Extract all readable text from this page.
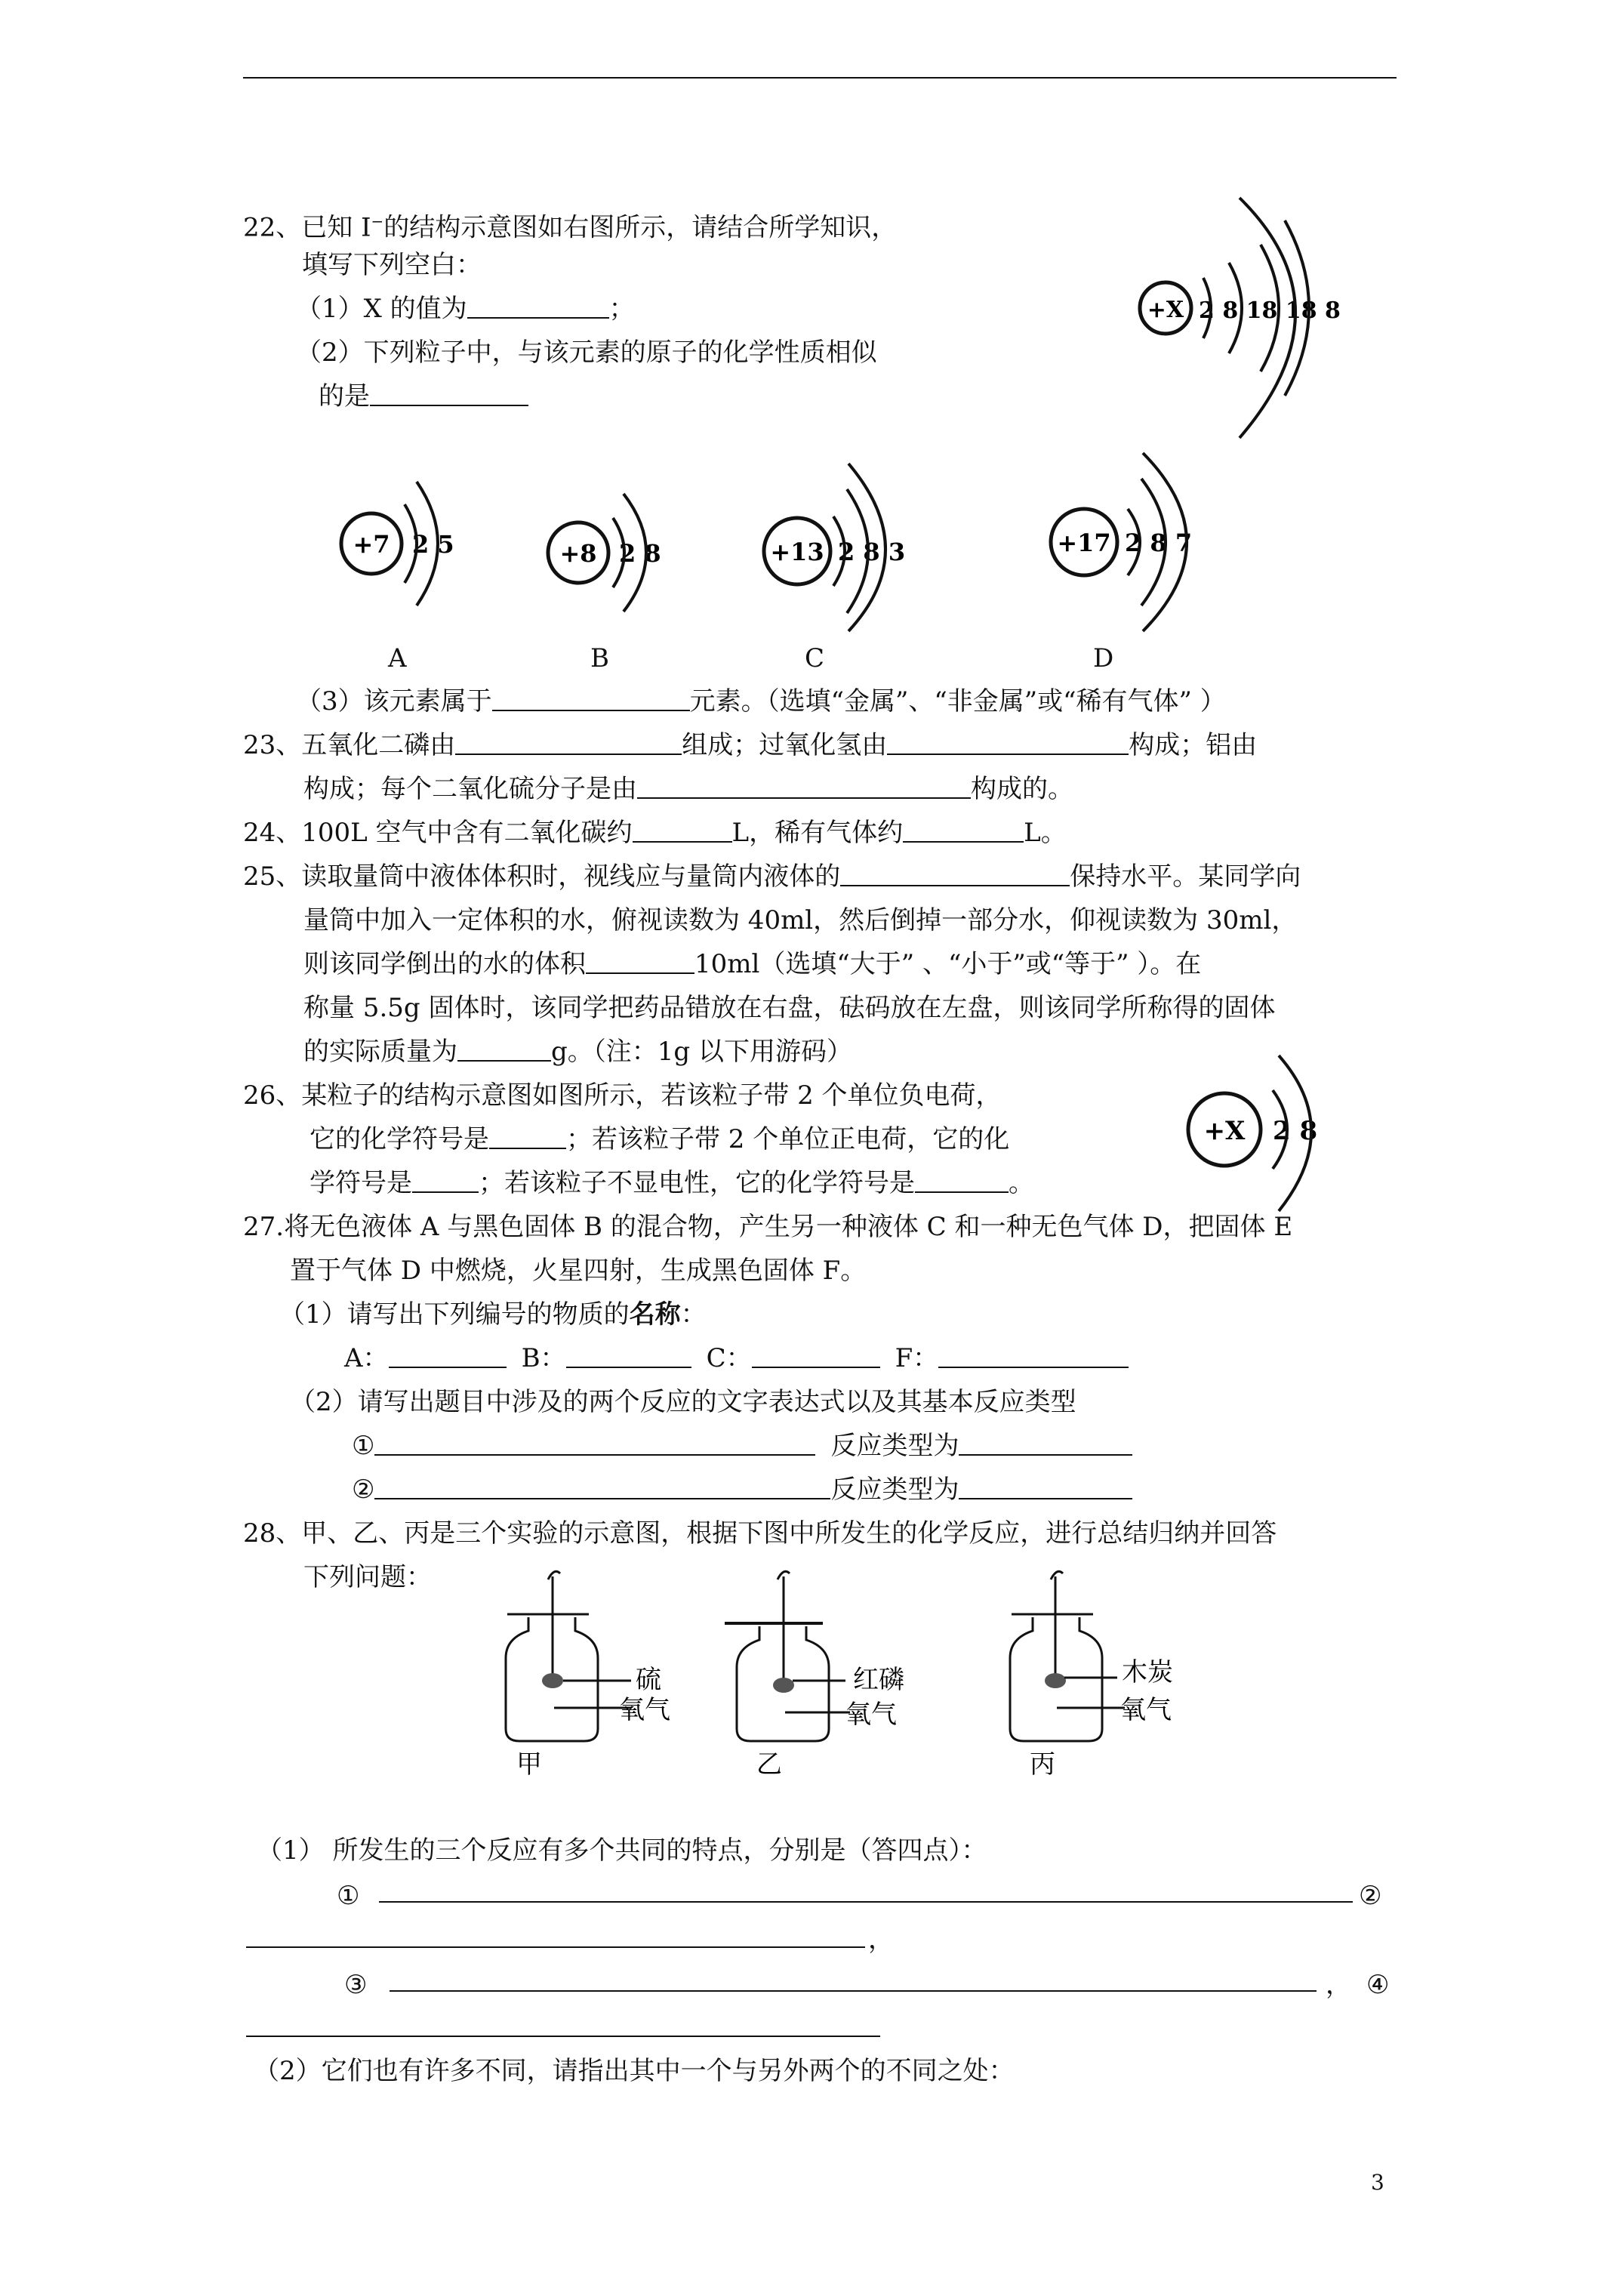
22、已知 I−的结构示意图如右图所示，请结合所学知识，
填写下列空白：
（1）X 的值为	；
（2）下列粒子中，与该元素的原子的化学性质相似
的是
+X 2 8 18 18 8
+7 2 5	+8 2 8	+13 2 8 3	+17 2 8 7
A	B	C	D
（3）该元素属于	元素。（选填“金属”、“非金属”或“稀有气体” ）
23、五氧化二磷由	组成；过氧化氢由	构成；铝由
构成；每个二氧化硫分子是由	构成的。
24、100L 空气中含有二氧化碳约	L，稀有气体约	L。
25、读取量筒中液体体积时，视线应与量筒内液体的	保持水平。某同学向
量筒中加入一定体积的水，俯视读数为 40ml，然后倒掉一部分水，仰视读数为 30ml，
则该同学倒出的水的体积	10ml（选填“大于” 、“小于”或“等于” ）。在
称量 5.5g 固体时，该同学把药品错放在右盘，砝码放在左盘，则该同学所称得的固体
的实际质量为	g。（注：1g 以下用游码）
26、某粒子的结构示意图如图所示，若该粒子带 2 个单位负电荷，
它的化学符号是	；若该粒子带 2 个单位正电荷，它的化
学符号是	；若该粒子不显电性，它的化学符号是	。
+X 2 8
27.将无色液体 A 与黑色固体 B 的混合物，产生另一种液体 C 和一种无色气体 D，把固体 E
置于气体 D 中燃烧，火星四射，生成黑色固体 F。
（1）请写出下列编号的物质的名称：
A：	B：	C：	F：
（2）请写出题目中涉及的两个反应的文字表达式以及其基本反应类型
①	反应类型为
②	反应类型为
28、甲、乙、丙是三个实验的示意图，根据下图中所发生的化学反应，进行总结归纳并回答
下列问题：
硫
氧气
甲
红磷
氧气
乙
木炭
氧气
丙
（1） 所发生的三个反应有多个共同的特点，分别是（答四点）：
①	②
，
③	， ④
（2）它们也有许多不同，请指出其中一个与另外两个的不同之处：
3
